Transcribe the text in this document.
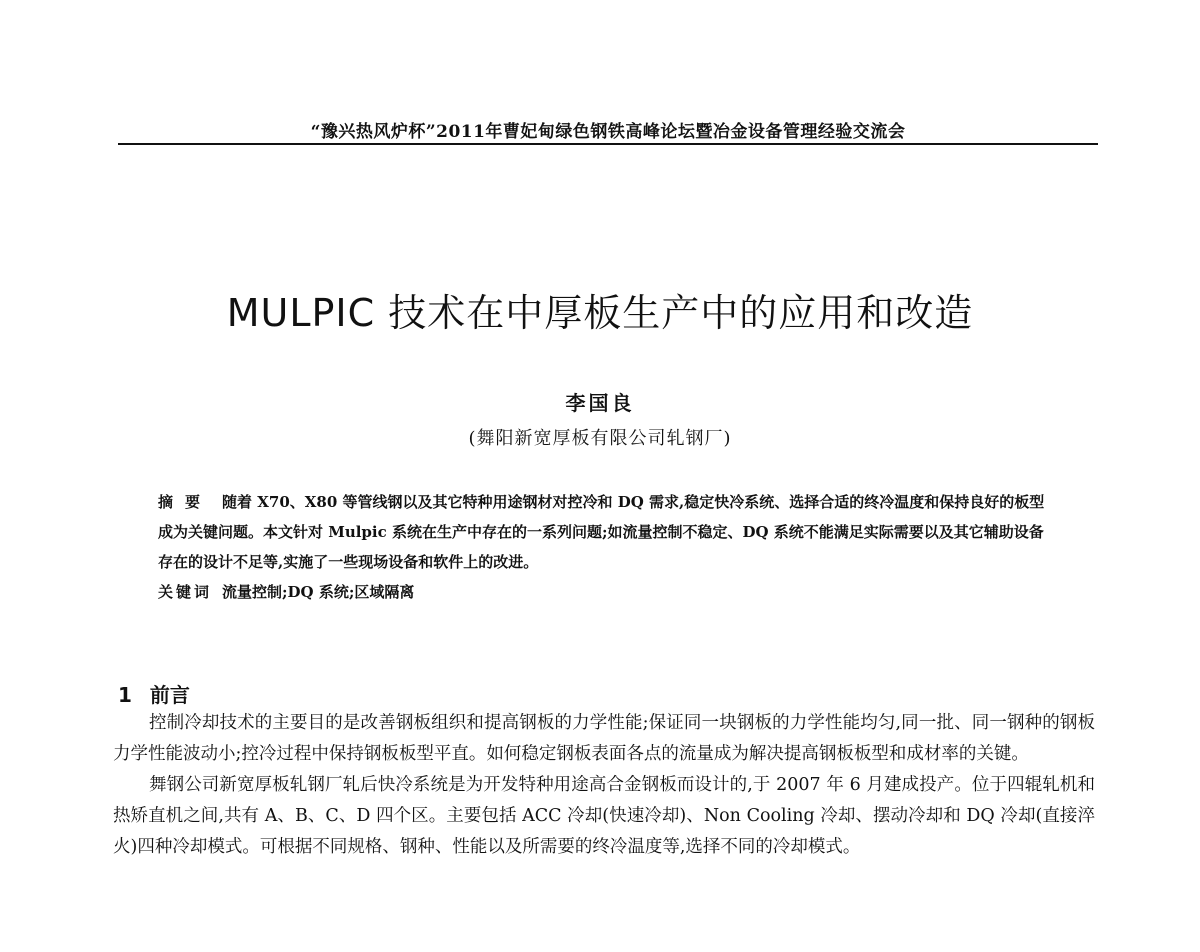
“豫兴热风炉杯”2011年曹妃甸绿色钢铁高峰论坛暨冶金设备管理经验交流会
MULPIC 技术在中厚板生产中的应用和改造
李国良
(舞阳新宽厚板有限公司轧钢厂)
摘要 随着 X70、X80 等管线钢以及其它特种用途钢材对控冷和 DQ 需求,稳定快冷系统、选择合适的终冷温度和保持良好的板型成为关键问题。本文针对 Mulpic 系统在生产中存在的一系列问题;如流量控制不稳定、DQ 系统不能满足实际需要以及其它辅助设备存在的设计不足等,实施了一些现场设备和软件上的改进。
关键词 流量控制;DQ 系统;区域隔离
1 前言

控制冷却技术的主要目的是改善钢板组织和提高钢板的力学性能;保证同一块钢板的力学性能均匀,同一批、同一钢种的钢板力学性能波动小;控冷过程中保持钢板板型平直。如何稳定钢板表面各点的流量成为解决提高钢板板型和成材率的关键。

舞钢公司新宽厚板轧钢厂轧后快冷系统是为开发特种用途高合金钢板而设计的,于 2007 年 6 月建成投产。位于四辊轧机和热矫直机之间,共有 A、B、C、D 四个区。主要包括 ACC 冷却(快速冷却)、Non Cooling 冷却、摆动冷却和 DQ 冷却(直接淬火)四种冷却模式。可根据不同规格、钢种、性能以及所需要的终冷温度等,选择不同的冷却模式。
